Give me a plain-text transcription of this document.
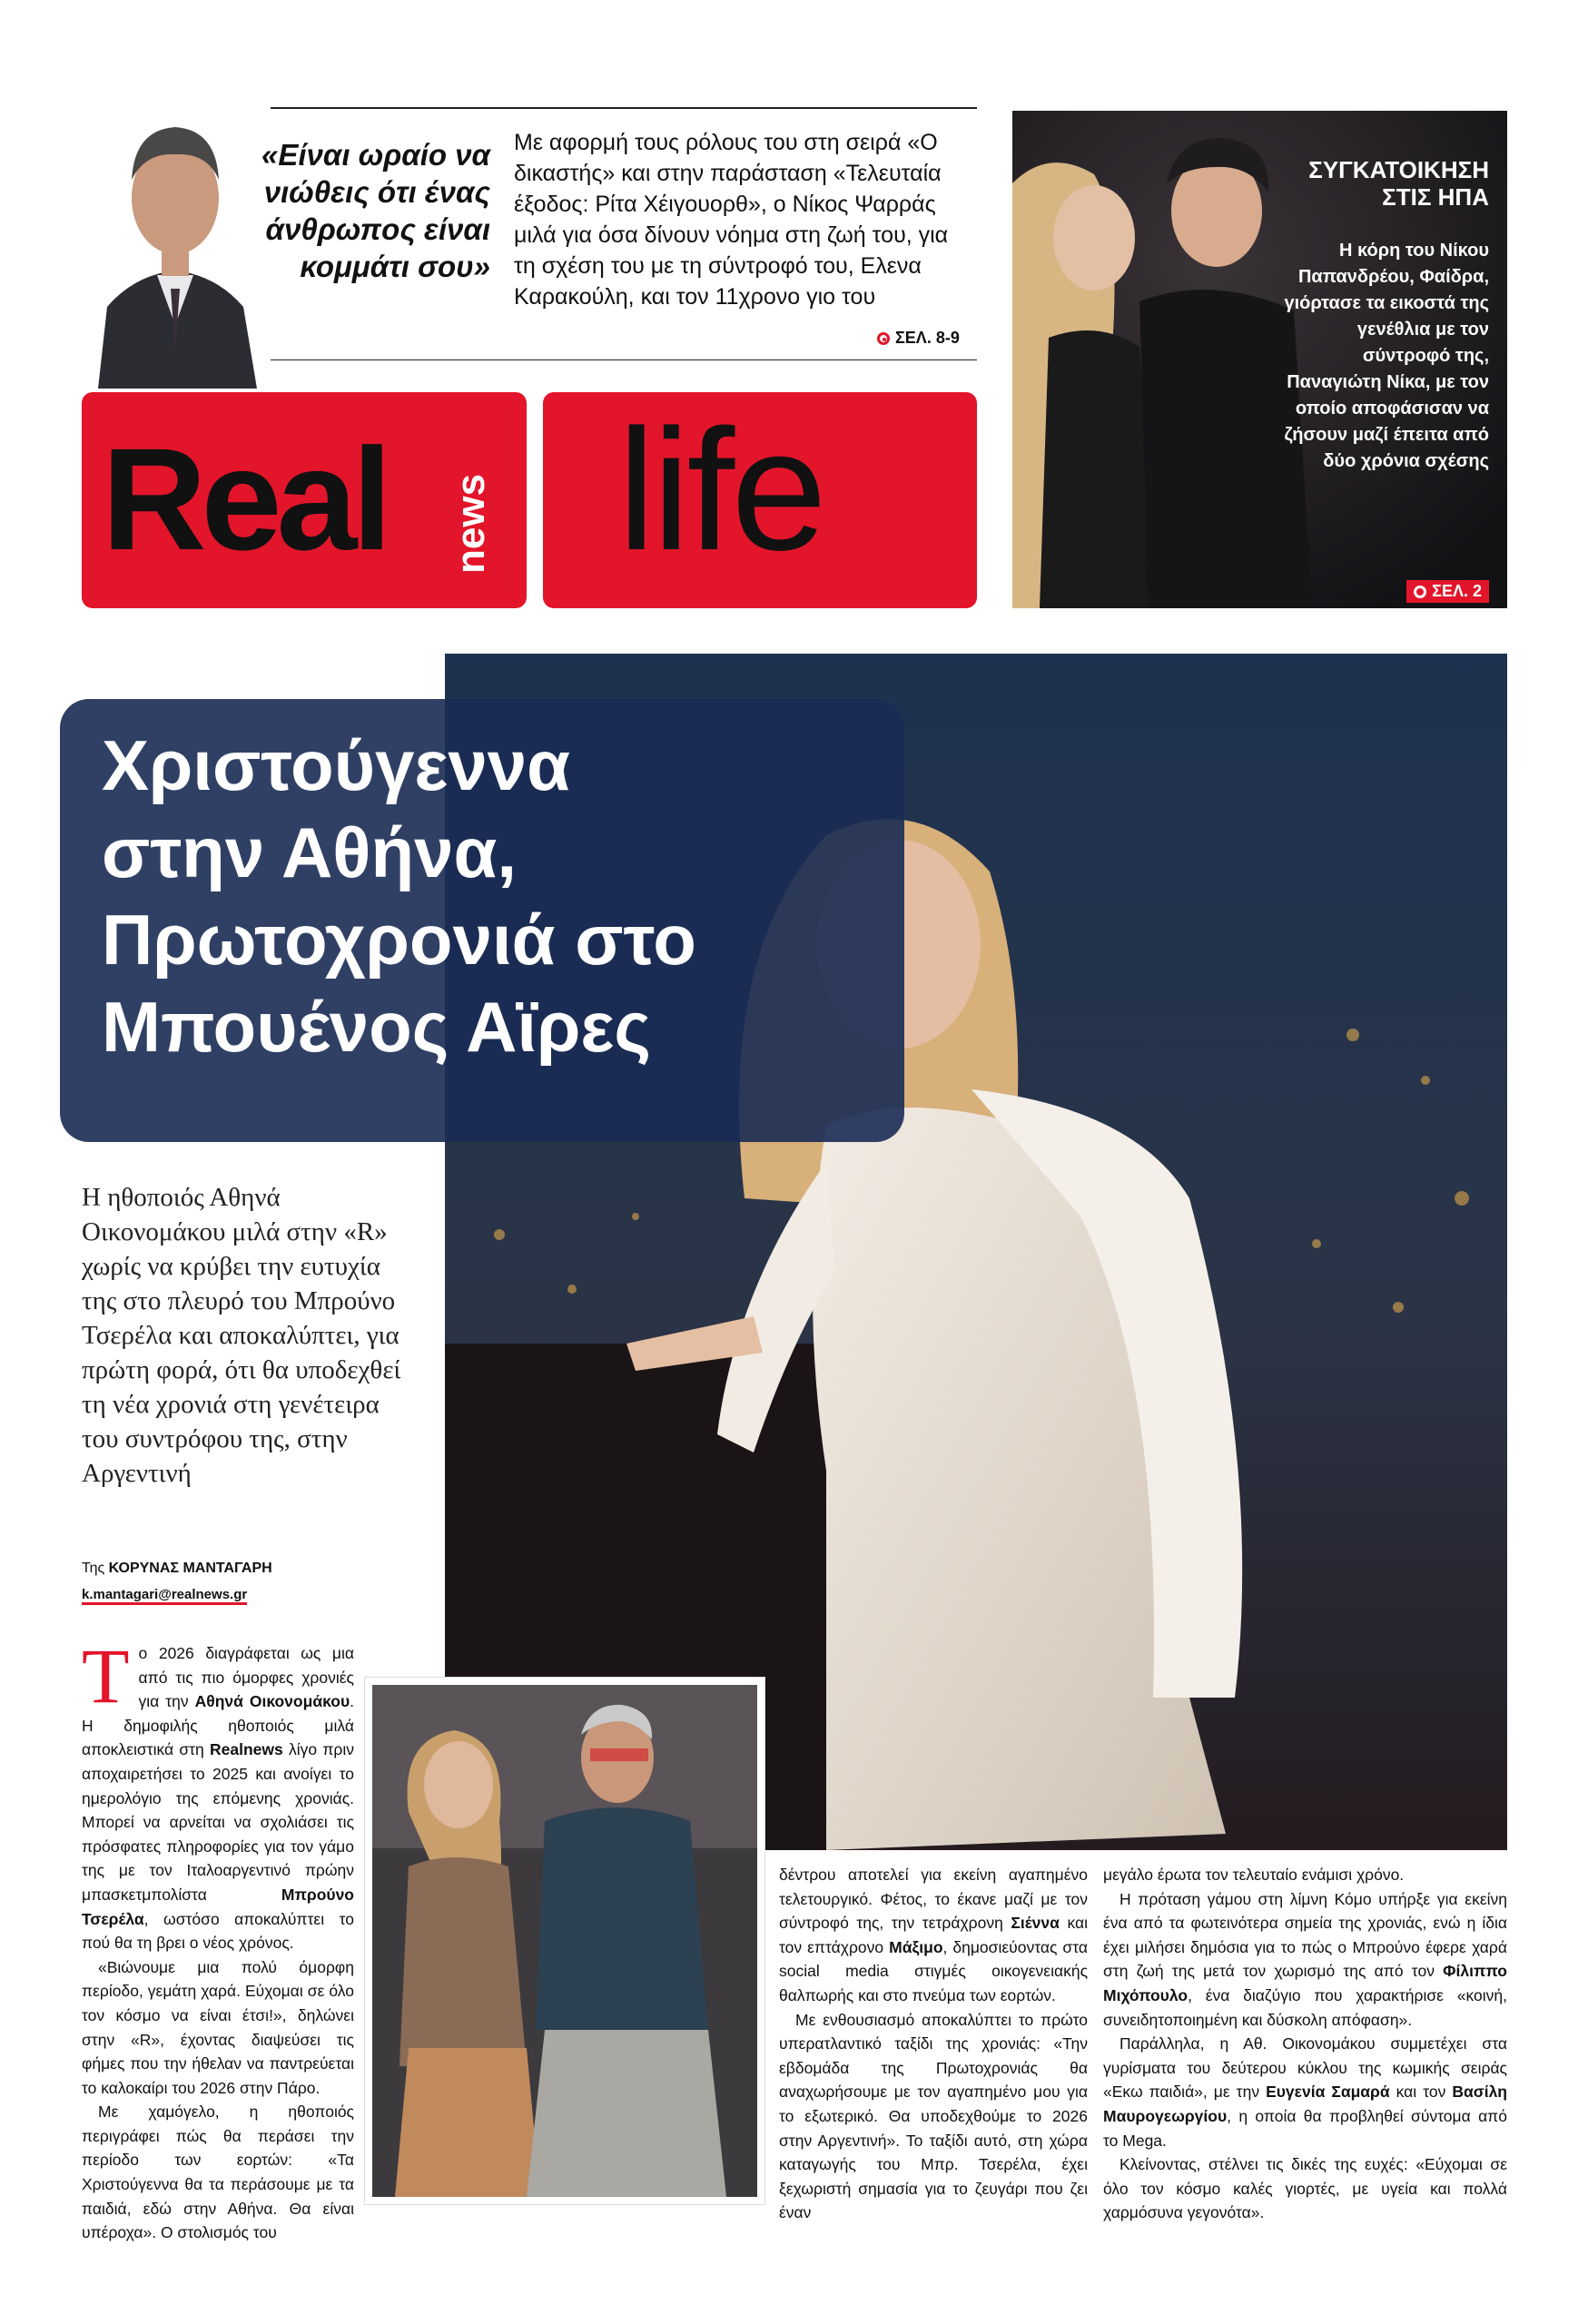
«Είναι ωραίο να νιώθεις ότι ένας άνθρωπος είναι κομμάτι σου»
Με αφορμή τους ρόλους του στη σειρά «Ο δικαστής» και στην παράσταση «Τελευταία έξοδος: Ρίτα Χέιγουορθ», ο Νίκος Ψαρράς μιλά για όσα δίνουν νόημα στη ζωή του, για τη σχέση του με τη σύντροφό του, Ελενα Καρακούλη, και τον 11χρονο γιο του
ΣΕΛ. 8-9
Real news life
ΣΥΓΚΑΤΟΙΚΗΣΗ ΣΤΙΣ ΗΠΑ
Η κόρη του Νίκου Παπανδρέου, Φαίδρα, γιόρτασε τα εικοστά της γενέθλια με τον σύντροφό της, Παναγιώτη Νίκα, με τον οποίο αποφάσισαν να ζήσουν μαζί έπειτα από δύο χρόνια σχέσης
ΣΕΛ. 2
Χριστούγεννα
στην Αθήνα,
Πρωτοχρονιά στο
Μπουένος Αϊρες
Η ηθοποιός Αθηνά Οικονομάκου μιλά στην «R» χωρίς να κρύβει την ευτυχία της στο πλευρό του Μπρούνο Τσερέλα και αποκαλύπτει, για πρώτη φορά, ότι θα υποδεχθεί τη νέα χρονιά στη γενέτειρα του συντρόφου της, στην Αργεντινή
Της ΚΟΡΥΝΑΣ ΜΑΝΤΑΓΑΡΗ
k.mantagari@realnews.gr

Το 2026 διαγράφεται ως μια από τις πιο όμορφες χρονιές για την Αθηνά Οικονομάκου. Η δημοφιλής ηθοποιός μιλά αποκλειστικά στη Realnews λίγο πριν αποχαιρετήσει το 2025 και ανοίγει το ημερολόγιο της επόμενης χρονιάς. Μπορεί να αρνείται να σχολιάσει τις πρόσφατες πληροφορίες για τον γάμο της με τον Ιταλοαργεντινό πρώην μπασκετμπολίστα Μπρούνο Τσερέλα, ωστόσο αποκαλύπτει το πού θα τη βρει ο νέος χρόνος.

«Βιώνουμε μια πολύ όμορφη περίοδο, γεμάτη χαρά. Εύχομαι σε όλο τον κόσμο να είναι έτσι!», δηλώνει στην «R», έχοντας διαψεύσει τις φήμες που την ήθελαν να παντρεύεται το καλοκαίρι του 2026 στην Πάρο.

Με χαμόγελο, η ηθοποιός περιγράφει πώς θα περάσει την περίοδο των εορτών: «Τα Χριστούγεννα θα τα περάσουμε με τα παιδιά, εδώ στην Αθήνα. Θα είναι υπέροχα». Ο στολισμός του

δέντρου αποτελεί για εκείνη αγαπημένο τελετουργικό. Φέτος, το έκανε μαζί με τον σύντροφό της, την τετράχρονη Σιέννα και τον επτάχρονο Μάξιμο, δημοσιεύοντας στα social media στιγμές οικογενειακής θαλπωρής και στο πνεύμα των εορτών.

Με ενθουσιασμό αποκαλύπτει το πρώτο υπερατλαντικό ταξίδι της χρονιάς: «Την εβδομάδα της Πρωτοχρονιάς θα αναχωρήσουμε με τον αγαπημένο μου για το εξωτερικό. Θα υποδεχθούμε το 2026 στην Αργεντινή». Το ταξίδι αυτό, στη χώρα καταγωγής του Μπρ. Τσερέλα, έχει ξεχωριστή σημασία για το ζευγάρι που ζει έναν

μεγάλο έρωτα τον τελευταίο ενάμισι χρόνο.

Η πρόταση γάμου στη λίμνη Κόμο υπήρξε για εκείνη ένα από τα φωτεινότερα σημεία της χρονιάς, ενώ η ίδια έχει μιλήσει δημόσια για το πώς ο Μπρούνο έφερε χαρά στη ζωή της μετά τον χωρισμό της από τον Φίλιππο Μιχόπουλο, ένα διαζύγιο που χαρακτήρισε «κοινή, συνειδητοποιημένη και δύσκολη απόφαση».

Παράλληλα, η Αθ. Οικονομάκου συμμετέχει στα γυρίσματα του δεύτερου κύκλου της κωμικής σειράς «Εκω παιδιά», με την Ευγενία Σαμαρά και τον Βασίλη Μαυρογεωργίου, η οποία θα προβληθεί σύντομα από το Mega.

Κλείνοντας, στέλνει τις δικές της ευχές: «Εύχομαι σε όλο τον κόσμο καλές γιορτές, με υγεία και πολλά χαρμόσυνα γεγονότα».
